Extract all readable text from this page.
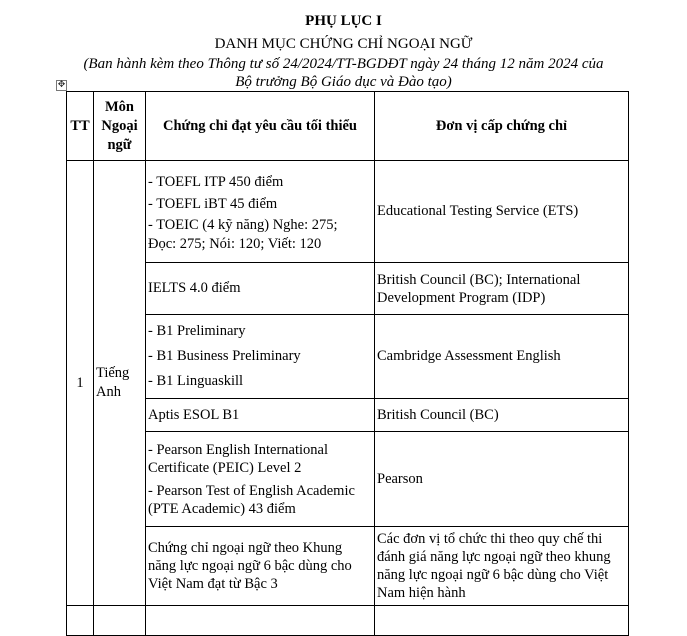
PHỤ LỤC I
DANH MỤC CHỨNG CHỈ NGOẠI NGỮ
(Ban hành kèm theo Thông tư số 24/2024/TT-BGDĐT ngày 24 tháng 12 năm 2024 của
Bộ trưởng Bộ Giáo dục và Đào tạo)
✥
TT	Môn
Ngoại
ngữ	Chứng chỉ đạt yêu cầu tối thiểu	Đơn vị cấp chứng chỉ
1	Tiếng
Anh	- TOEFL ITP 450 điểm
- TOEFL iBT 45 điểm
- TOEIC (4 kỹ năng) Nghe: 275;
Đọc: 275; Nói: 120; Viết: 120	Educational Testing Service (ETS)

		IELTS 4.0 điểm	British Council (BC); International
Development Program (IDP)

		- B1 Preliminary
- B1 Business Preliminary
- B1 Linguaskill	Cambridge Assessment English

		Aptis ESOL B1	British Council (BC)

		- Pearson English International
Certificate (PEIC) Level 2
- Pearson Test of English Academic
(PTE Academic) 43 điểm	Pearson

		Chứng chỉ ngoại ngữ theo Khung
năng lực ngoại ngữ 6 bậc dùng cho
Việt Nam đạt từ Bậc 3	Các đơn vị tổ chức thi theo quy chế thi
đánh giá năng lực ngoại ngữ theo khung
năng lực ngoại ngữ 6 bậc dùng cho Việt
Nam hiện hành
